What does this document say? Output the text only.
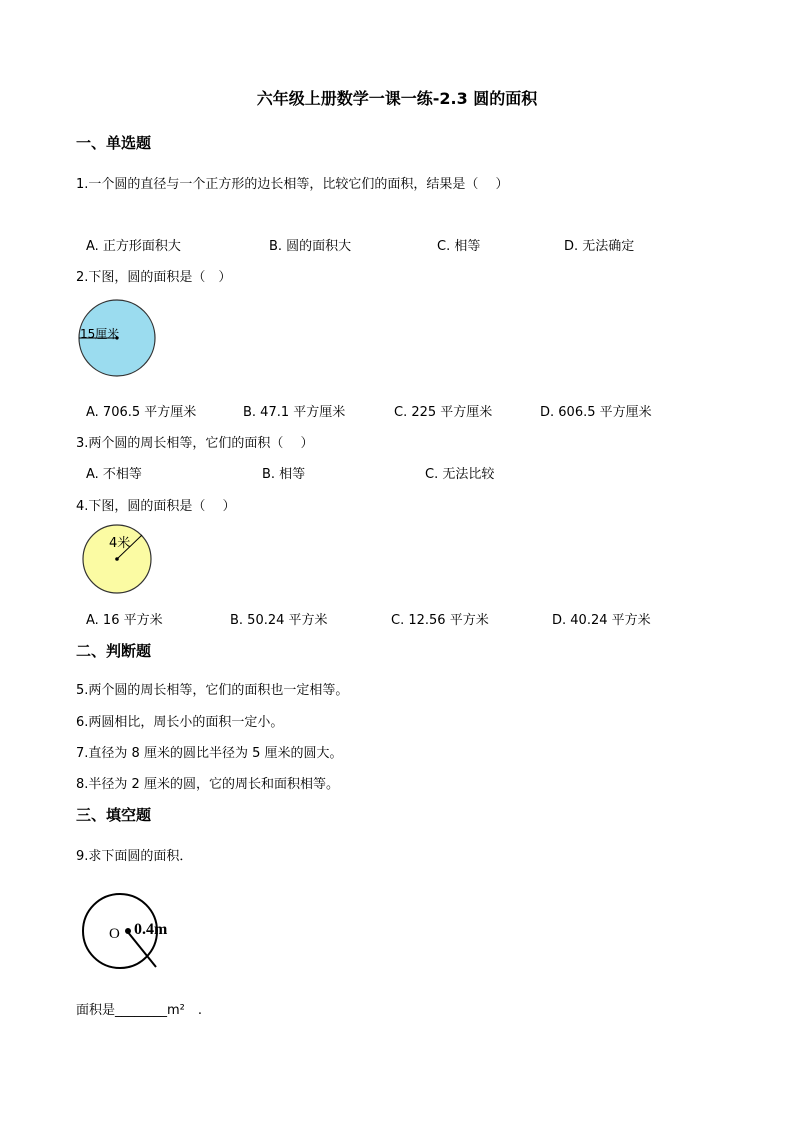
六年级上册数学一课一练-2.3 圆的面积
一、单选题
1.一个圆的直径与一个正方形的边长相等，比较它们的面积，结果是（　 ）
A. 正方形面积大	B. 圆的面积大	C. 相等	D. 无法确定
2.下图，圆的面积是（　）
15厘米
A. 706.5 平方厘米	B. 47.1 平方厘米	C. 225 平方厘米	D. 606.5 平方厘米
3.两个圆的周长相等，它们的面积（　 ）
A. 不相等	B. 相等	C. 无法比较
4.下图，圆的面积是（　 ）
4米
A. 16 平方米	B. 50.24 平方米	C. 12.56 平方米	D. 40.24 平方米
二、判断题
5.两个圆的周长相等，它们的面积也一定相等。
6.两圆相比，周长小的面积一定小。
7.直径为 8 厘米的圆比半径为 5 厘米的圆大。
8.半径为 2 厘米的圆，它的周长和面积相等。
三、填空题
9.求下面圆的面积．
O 0.4m
面积是________m²　.
